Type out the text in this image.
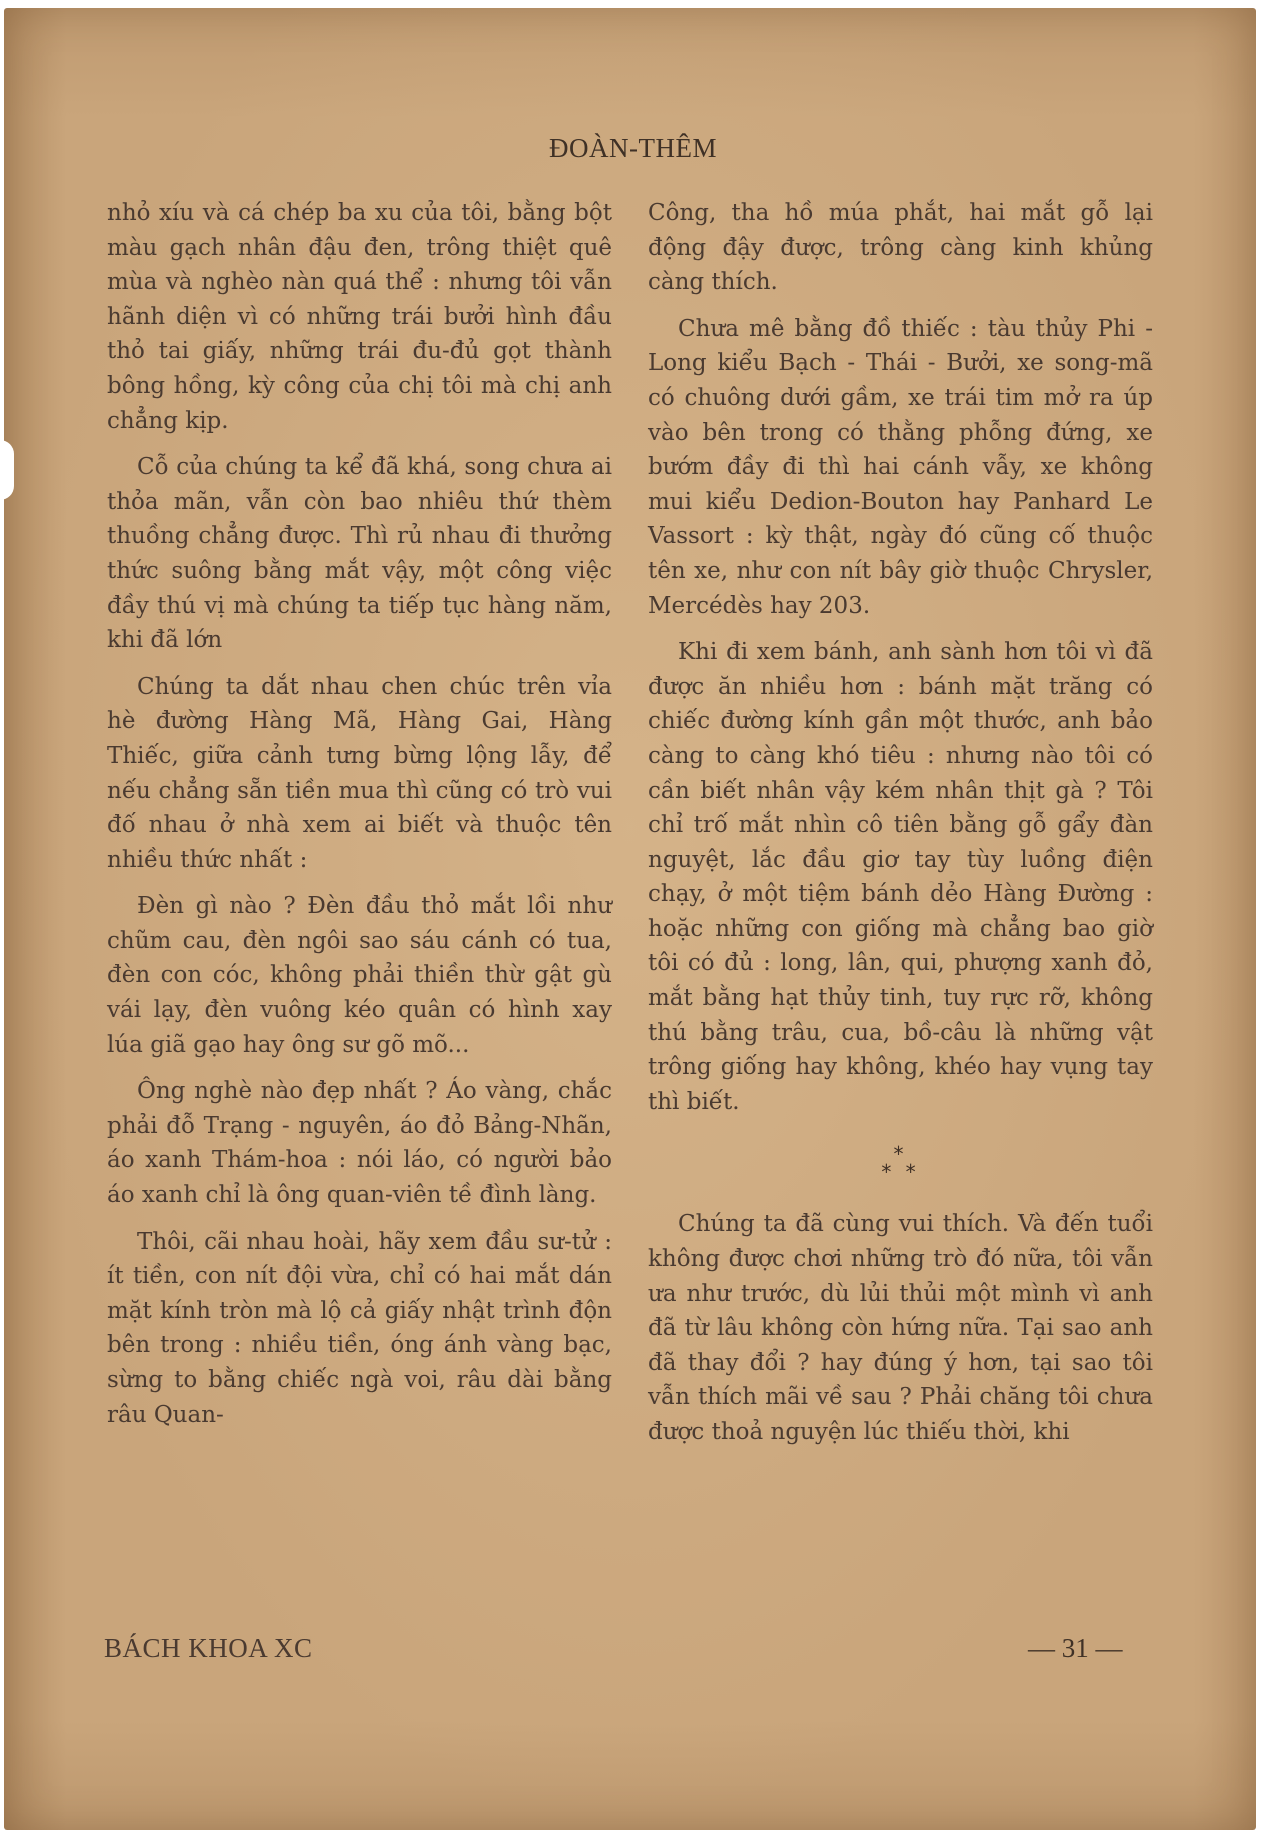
ĐOÀN-THÊM

nhỏ xíu và cá chép ba xu của tôi, bằng bột màu gạch nhân đậu đen, trông thiệt quê mùa và nghèo nàn quá thể : nhưng tôi vẫn hãnh diện vì có những trái bưởi hình đầu thỏ tai giấy, những trái đu-đủ gọt thành bông hồng, kỳ công của chị tôi mà chị anh chẳng kịp.

Cỗ của chúng ta kể đã khá, song chưa ai thỏa mãn, vẫn còn bao nhiêu thứ thèm thuồng chẳng được. Thì rủ nhau đi thưởng thức suông bằng mắt vậy, một công việc đầy thú vị mà chúng ta tiếp tục hàng năm, khi đã lớn

Chúng ta dắt nhau chen chúc trên vỉa hè đường Hàng Mã, Hàng Gai, Hàng Thiếc, giữa cảnh tưng bừng lộng lẫy, để nếu chẳng sẵn tiền mua thì cũng có trò vui đố nhau ở nhà xem ai biết và thuộc tên nhiều thức nhất :

Đèn gì nào ? Đèn đầu thỏ mắt lồi như chũm cau, đèn ngôi sao sáu cánh có tua, đèn con cóc, không phải thiền thừ gật gù vái lạy, đèn vuông kéo quân có hình xay lúa giã gạo hay ông sư gõ mõ...

Ông nghè nào đẹp nhất ? Áo vàng, chắc phải đỗ Trạng - nguyên, áo đỏ Bảng-Nhãn, áo xanh Thám-hoa : nói láo, có người bảo áo xanh chỉ là ông quan-viên tề đình làng.

Thôi, cãi nhau hoài, hãy xem đầu sư-tử : ít tiền, con nít đội vừa, chỉ có hai mắt dán mặt kính tròn mà lộ cả giấy nhật trình độn bên trong : nhiều tiền, óng ánh vàng bạc, sừng to bằng chiếc ngà voi, râu dài bằng râu Quan-

Công, tha hồ múa phắt, hai mắt gỗ lại động đậy được, trông càng kinh khủng càng thích.

Chưa mê bằng đồ thiếc : tàu thủy Phi - Long kiểu Bạch - Thái - Bưởi, xe song-mã có chuông dưới gầm, xe trái tim mở ra úp vào bên trong có thằng phỗng đứng, xe bướm đầy đi thì hai cánh vẫy, xe không mui kiểu Dedion-Bouton hay Panhard Le Vassort : kỳ thật, ngày đó cũng cố thuộc tên xe, như con nít bây giờ thuộc Chrysler, Mercédès hay 203.

Khi đi xem bánh, anh sành hơn tôi vì đã được ăn nhiều hơn : bánh mặt trăng có chiếc đường kính gần một thước, anh bảo càng to càng khó tiêu : nhưng nào tôi có cần biết nhân vậy kém nhân thịt gà ? Tôi chỉ trố mắt nhìn cô tiên bằng gỗ gẩy đàn nguyệt, lắc đầu giơ tay tùy luồng điện chạy, ở một tiệm bánh dẻo Hàng Đường : hoặc những con giống mà chẳng bao giờ tôi có đủ : long, lân, qui, phượng xanh đỏ, mắt bằng hạt thủy tinh, tuy rực rỡ, không thú bằng trâu, cua, bồ-câu là những vật trông giống hay không, khéo hay vụng tay thì biết.

*
* *

Chúng ta đã cùng vui thích. Và đến tuổi không được chơi những trò đó nữa, tôi vẫn ưa như trước, dù lủi thủi một mình vì anh đã từ lâu không còn hứng nữa. Tại sao anh đã thay đổi ? hay đúng ý hơn, tại sao tôi vẫn thích mãi về sau ? Phải chăng tôi chưa được thoả nguyện lúc thiếu thời, khi

BÁCH KHOA XC	— 31 —
